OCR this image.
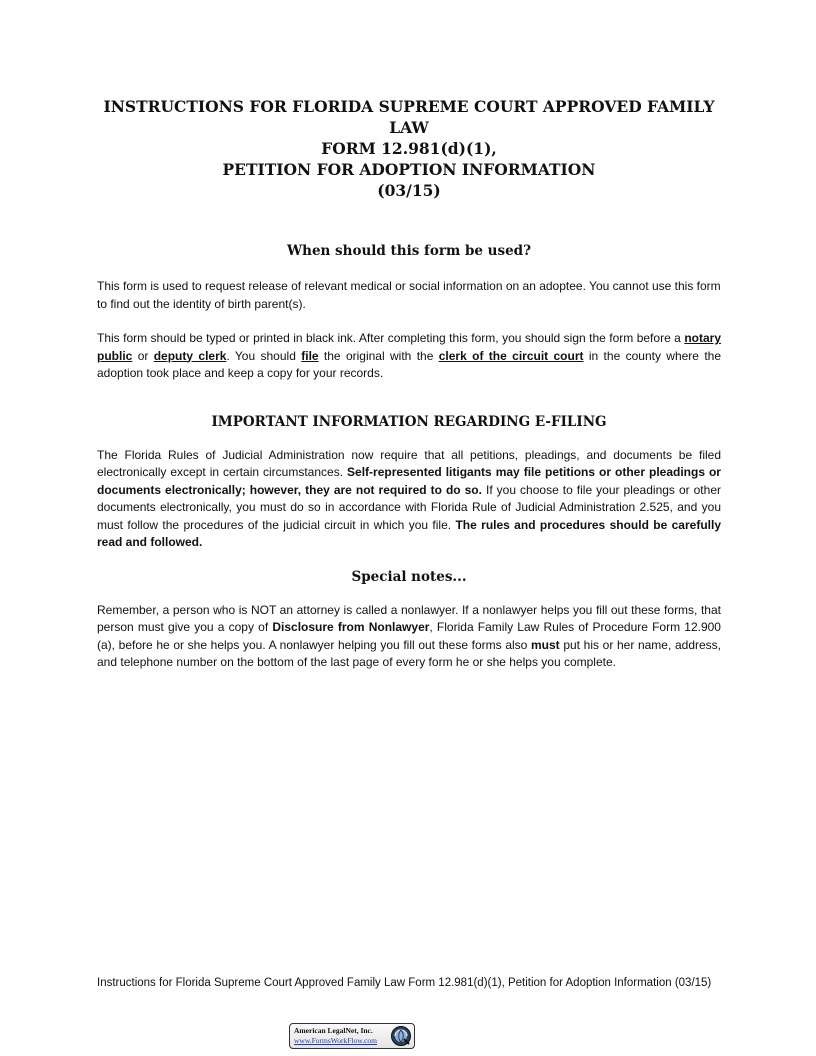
INSTRUCTIONS FOR FLORIDA SUPREME COURT APPROVED FAMILY LAW
FORM 12.981(d)(1),
PETITION FOR ADOPTION INFORMATION
(03/15)
When should this form be used?

This form is used to request release of relevant medical or social information on an adoptee. You cannot use this form to find out the identity of birth parent(s).

This form should be typed or printed in black ink. After completing this form, you should sign the form before a notary public or deputy clerk. You should file the original with the clerk of the circuit court in the county where the adoption took place and keep a copy for your records.

IMPORTANT INFORMATION REGARDING E-FILING

The Florida Rules of Judicial Administration now require that all petitions, pleadings, and documents be filed electronically except in certain circumstances. Self-represented litigants may file petitions or other pleadings or documents electronically; however, they are not required to do so. If you choose to file your pleadings or other documents electronically, you must do so in accordance with Florida Rule of Judicial Administration 2.525, and you must follow the procedures of the judicial circuit in which you file. The rules and procedures should be carefully read and followed.

Special notes...

Remember, a person who is NOT an attorney is called a nonlawyer. If a nonlawyer helps you fill out these forms, that person must give you a copy of Disclosure from Nonlawyer, Florida Family Law Rules of Procedure Form 12.900 (a), before he or she helps you. A nonlawyer helping you fill out these forms also must put his or her name, address, and telephone number on the bottom of the last page of every form he or she helps you complete.

Instructions for Florida Supreme Court Approved Family Law Form 12.981(d)(1), Petition for Adoption Information (03/15)

American LegalNet, Inc.
www.FormsWorkFlow.com
